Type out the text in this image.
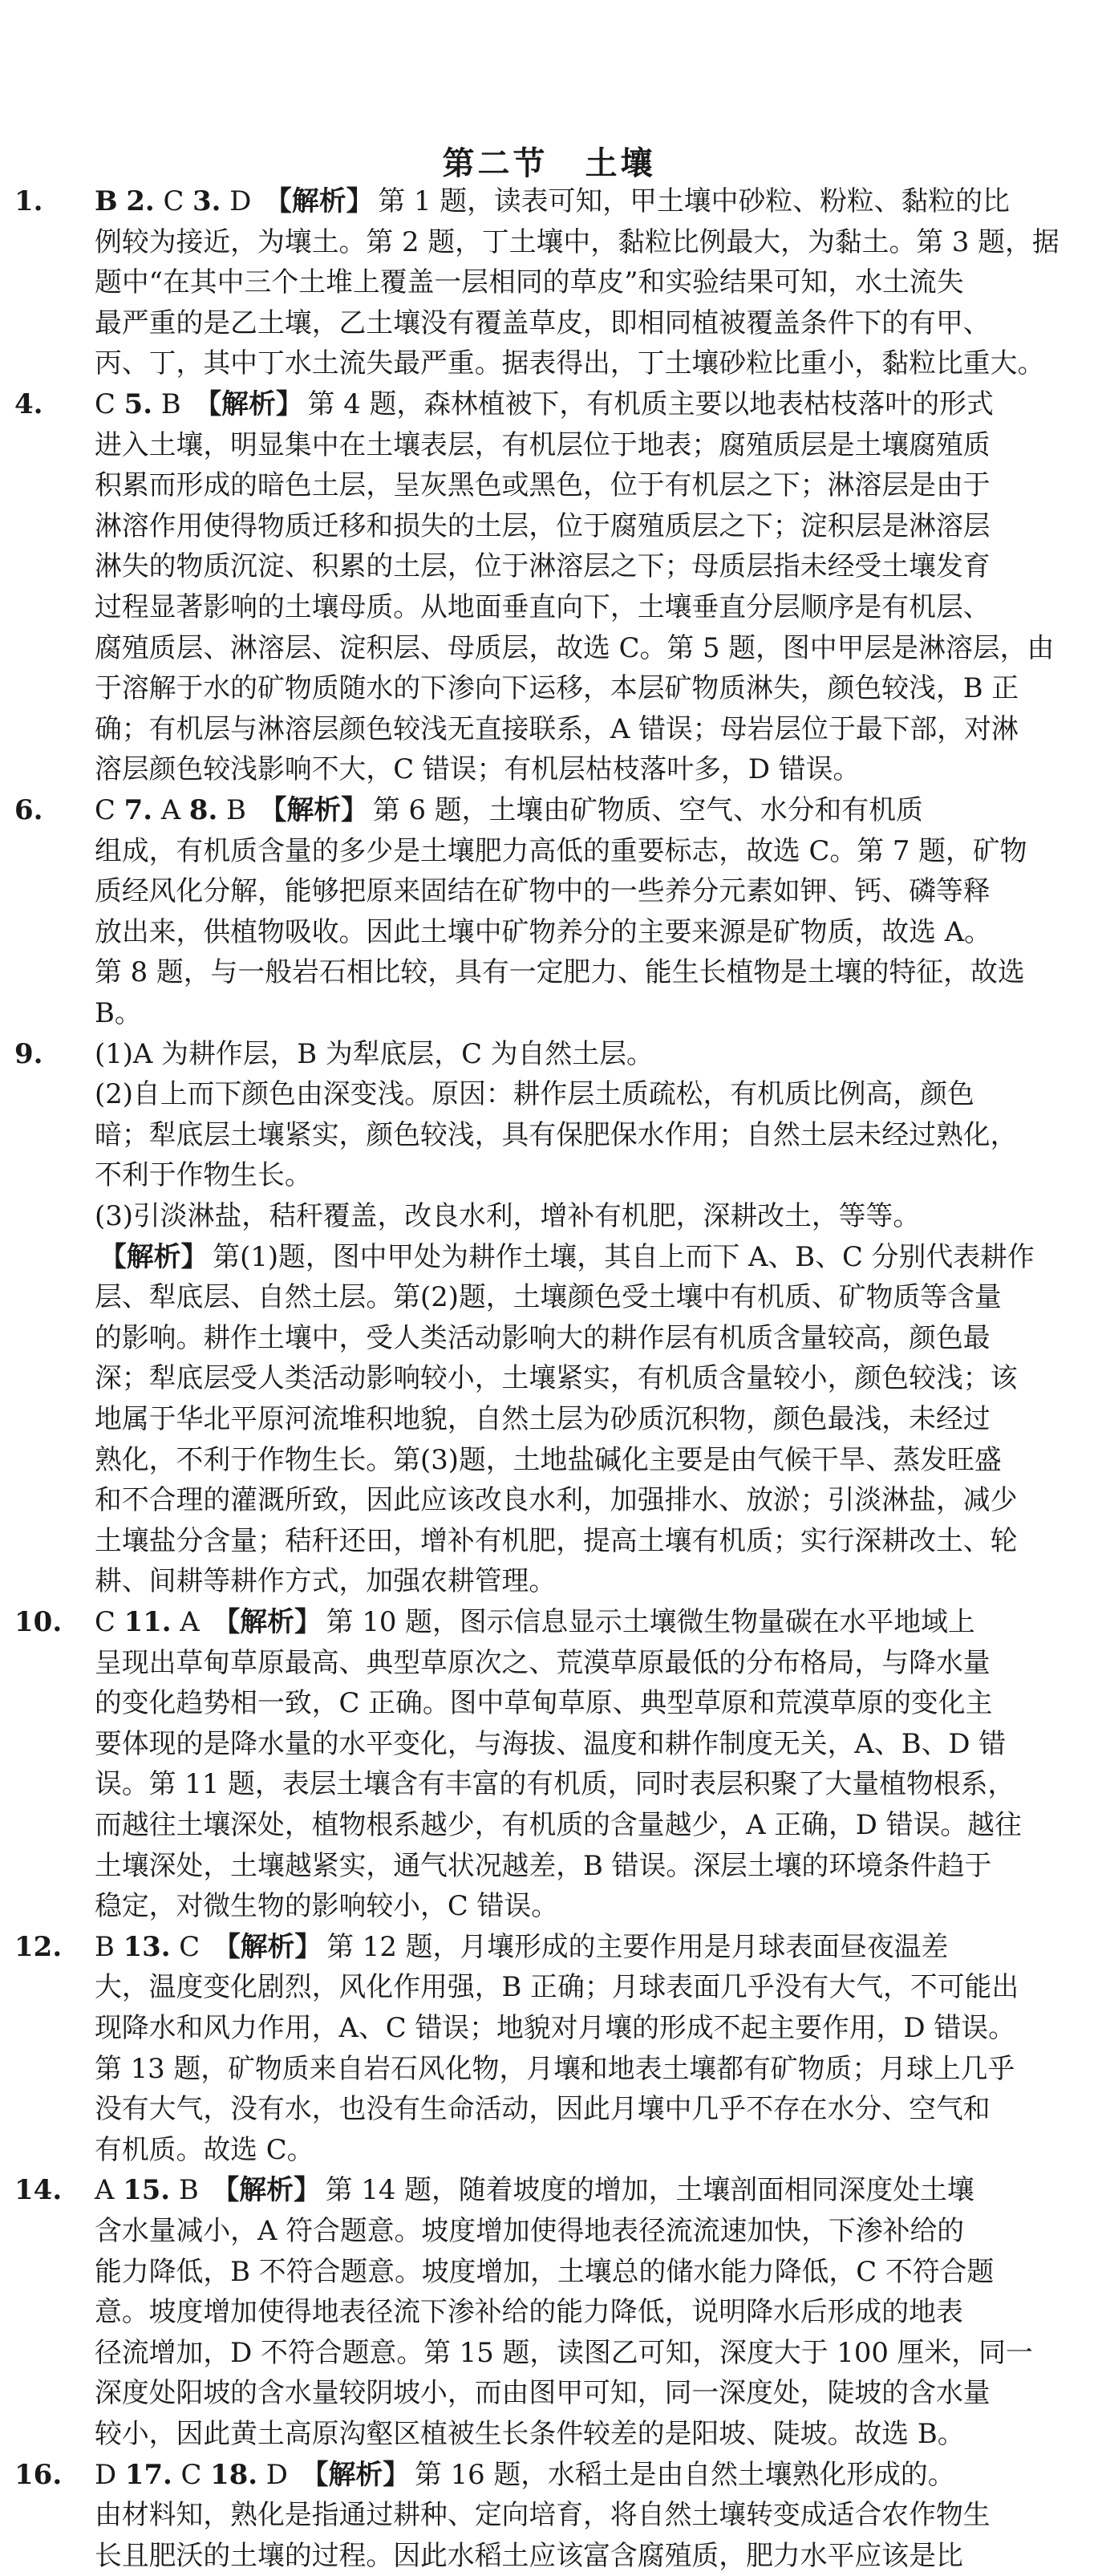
第二节 土壤
1. B 2. C 3. D 【解析】 第 1 题，读表可知，甲土壤中砂粒、粉粒、黏粒的比
例较为接近，为壤土。第 2 题，丁土壤中，黏粒比例最大，为黏土。第 3 题，据
题中“在其中三个土堆上覆盖一层相同的草皮”和实验结果可知，水土流失
最严重的是乙土壤，乙土壤没有覆盖草皮，即相同植被覆盖条件下的有甲、
丙、丁，其中丁水土流失最严重。据表得出，丁土壤砂粒比重小，黏粒比重大。
4. C 5. B 【解析】 第 4 题，森林植被下，有机质主要以地表枯枝落叶的形式
进入土壤，明显集中在土壤表层，有机层位于地表；腐殖质层是土壤腐殖质
积累而形成的暗色土层，呈灰黑色或黑色，位于有机层之下；淋溶层是由于
淋溶作用使得物质迁移和损失的土层，位于腐殖质层之下；淀积层是淋溶层
淋失的物质沉淀、积累的土层，位于淋溶层之下；母质层指未经受土壤发育
过程显著影响的土壤母质。从地面垂直向下，土壤垂直分层顺序是有机层、
腐殖质层、淋溶层、淀积层、母质层，故选 C。第 5 题，图中甲层是淋溶层，由
于溶解于水的矿物质随水的下渗向下运移，本层矿物质淋失，颜色较浅，B 正
确；有机层与淋溶层颜色较浅无直接联系，A 错误；母岩层位于最下部，对淋
溶层颜色较浅影响不大，C 错误；有机层枯枝落叶多，D 错误。
6. C 7. A 8. B 【解析】 第 6 题，土壤由矿物质、空气、水分和有机质
组成，有机质含量的多少是土壤肥力高低的重要标志，故选 C。第 7 题，矿物
质经风化分解，能够把原来固结在矿物中的一些养分元素如钾、钙、磷等释
放出来，供植物吸收。因此土壤中矿物养分的主要来源是矿物质，故选 A。
第 8 题，与一般岩石相比较，具有一定肥力、能生长植物是土壤的特征，故选
B。
9. (1)A 为耕作层，B 为犁底层，C 为自然土层。
(2)自上而下颜色由深变浅。原因：耕作层土质疏松，有机质比例高，颜色
暗；犁底层土壤紧实，颜色较浅，具有保肥保水作用；自然土层未经过熟化，
不利于作物生长。
(3)引淡淋盐，秸秆覆盖，改良水利，增补有机肥，深耕改土，等等。
【解析】 第(1)题，图中甲处为耕作土壤，其自上而下 A、B、C 分别代表耕作
层、犁底层、自然土层。第(2)题，土壤颜色受土壤中有机质、矿物质等含量
的影响。耕作土壤中，受人类活动影响大的耕作层有机质含量较高，颜色最
深；犁底层受人类活动影响较小，土壤紧实，有机质含量较小，颜色较浅；该
地属于华北平原河流堆积地貌，自然土层为砂质沉积物，颜色最浅，未经过
熟化，不利于作物生长。第(3)题，土地盐碱化主要是由气候干旱、蒸发旺盛
和不合理的灌溉所致，因此应该改良水利，加强排水、放淤；引淡淋盐，减少
土壤盐分含量；秸秆还田，增补有机肥，提高土壤有机质；实行深耕改土、轮
耕、间耕等耕作方式，加强农耕管理。
10. C 11. A 【解析】 第 10 题，图示信息显示土壤微生物量碳在水平地域上
呈现出草甸草原最高、典型草原次之、荒漠草原最低的分布格局，与降水量
的变化趋势相一致，C 正确。图中草甸草原、典型草原和荒漠草原的变化主
要体现的是降水量的水平变化，与海拔、温度和耕作制度无关，A、B、D 错
误。第 11 题，表层土壤含有丰富的有机质，同时表层积聚了大量植物根系，
而越往土壤深处，植物根系越少，有机质的含量越少，A 正确，D 错误。越往
土壤深处，土壤越紧实，通气状况越差，B 错误。深层土壤的环境条件趋于
稳定，对微生物的影响较小，C 错误。
12. B 13. C 【解析】 第 12 题，月壤形成的主要作用是月球表面昼夜温差
大，温度变化剧烈，风化作用强，B 正确；月球表面几乎没有大气，不可能出
现降水和风力作用，A、C 错误；地貌对月壤的形成不起主要作用，D 错误。
第 13 题，矿物质来自岩石风化物，月壤和地表土壤都有矿物质；月球上几乎
没有大气，没有水，也没有生命活动，因此月壤中几乎不存在水分、空气和
有机质。故选 C。
14. A 15. B 【解析】 第 14 题，随着坡度的增加，土壤剖面相同深度处土壤
含水量减小，A 符合题意。坡度增加使得地表径流流速加快，下渗补给的
能力降低，B 不符合题意。坡度增加，土壤总的储水能力降低，C 不符合题
意。坡度增加使得地表径流下渗补给的能力降低，说明降水后形成的地表
径流增加，D 不符合题意。第 15 题，读图乙可知，深度大于 100 厘米，同一
深度处阳坡的含水量较阴坡小，而由图甲可知，同一深度处，陡坡的含水量
较小，因此黄土高原沟壑区植被生长条件较差的是阳坡、陡坡。故选 B。
16. D 17. C 18. D 【解析】 第 16 题，水稻土是由自然土壤熟化形成的。
由材料知，熟化是指通过耕种、定向培育，将自然土壤转变成适合农作物生
长且肥沃的土壤的过程。因此水稻土应该富含腐殖质，肥力水平应该是比
